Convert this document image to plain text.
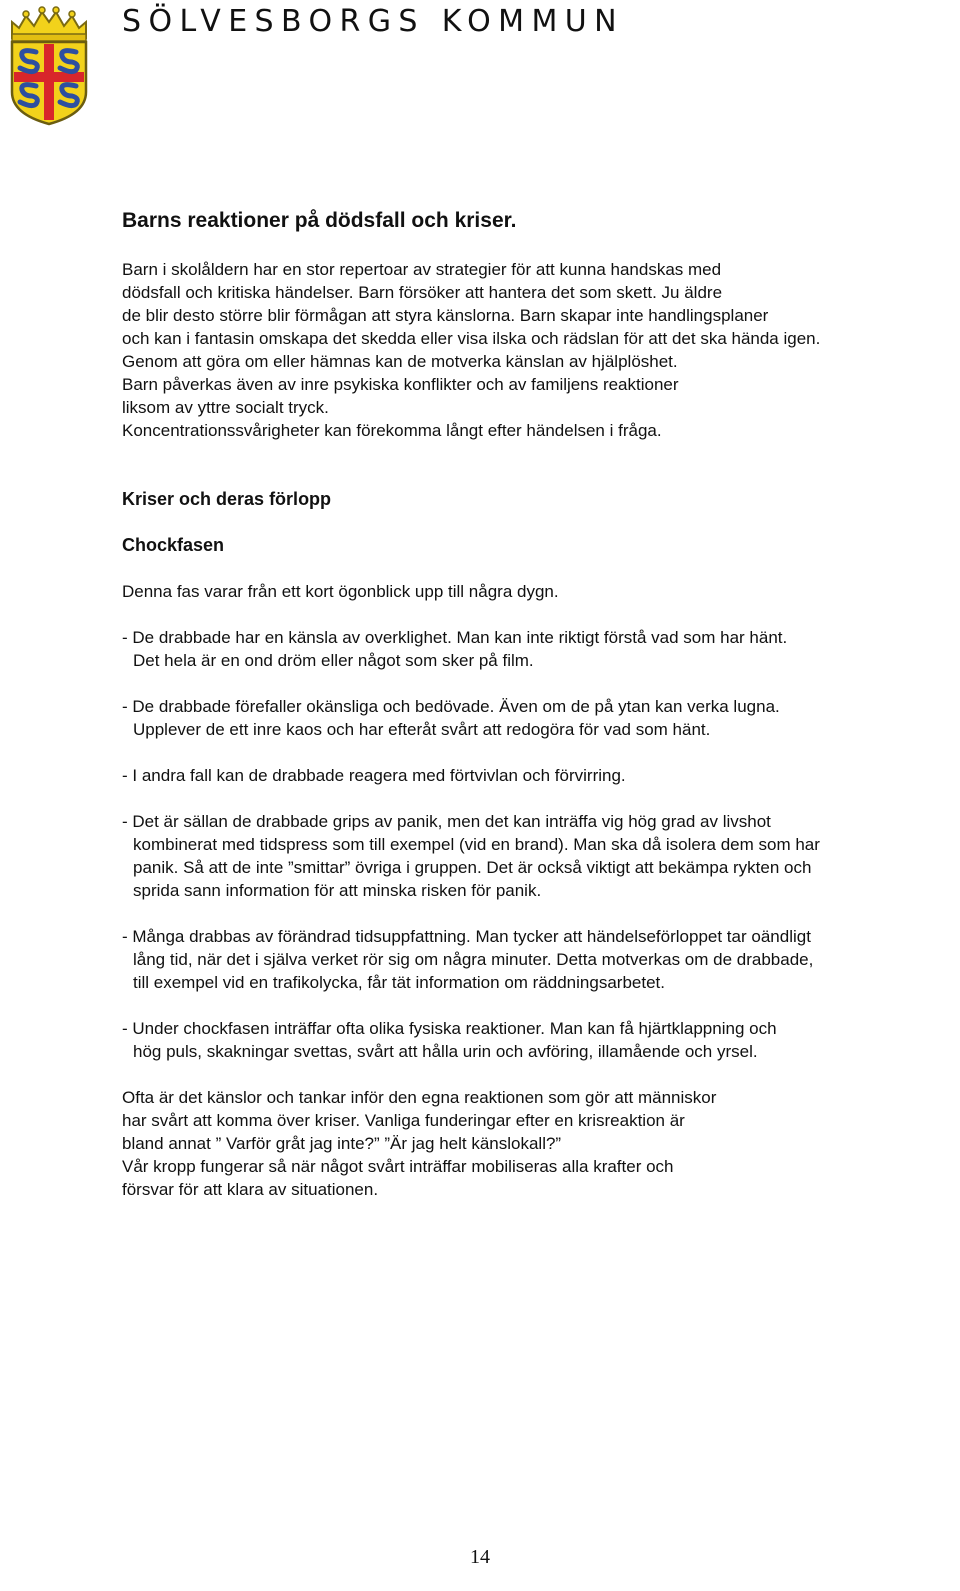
SÖLVESBORGS KOMMUN
Barns reaktioner på dödsfall och kriser.
Barn i skolåldern har en stor repertoar av strategier för att kunna handskas med
dödsfall och kritiska händelser. Barn försöker att hantera det som skett. Ju äldre
de blir desto större blir förmågan att styra känslorna. Barn skapar inte handlingsplaner
och kan i fantasin omskapa det skedda eller visa ilska och rädslan för att det ska hända igen.
Genom att göra om eller hämnas kan de motverka känslan av hjälplöshet.
Barn påverkas även av inre psykiska konflikter och av familjens reaktioner
liksom av yttre socialt tryck.
Koncentrationssvårigheter kan förekomma långt efter händelsen i fråga.
Kriser och deras förlopp
Chockfasen
Denna fas varar från ett kort ögonblick upp till några dygn.
- De drabbade har en känsla av overklighet. Man kan inte riktigt förstå vad som har hänt.
Det hela är en ond dröm eller något som sker på film.
- De drabbade förefaller okänsliga och bedövade. Även om de på ytan kan verka lugna.
Upplever de ett inre kaos och har efteråt svårt att redogöra för vad som hänt.
- I andra fall kan de drabbade reagera med förtvivlan och förvirring.
- Det är sällan de drabbade grips av panik, men det kan inträffa vig hög grad av livshot
kombinerat med tidspress som till exempel (vid en brand). Man ska då isolera dem som har
panik. Så att de inte ”smittar” övriga i gruppen. Det är också viktigt att bekämpa rykten och
sprida sann information för att minska risken för panik.
- Många drabbas av förändrad tidsuppfattning. Man tycker att händelseförloppet tar oändligt
lång tid, när det i själva verket rör sig om några minuter. Detta motverkas om de drabbade,
till exempel vid en trafikolycka, får tät information om räddningsarbetet.
- Under chockfasen inträffar ofta olika fysiska reaktioner. Man kan få hjärtklappning och
hög puls, skakningar svettas, svårt att hålla urin och avföring, illamående och yrsel.
Ofta är det känslor och tankar inför den egna reaktionen som gör att människor
har svårt att komma över kriser. Vanliga funderingar efter en krisreaktion är
bland annat ” Varför gråt jag inte?” ”Är jag helt känslokall?”
Vår kropp fungerar så när något svårt inträffar mobiliseras alla krafter och
försvar för att klara av situationen.
14
